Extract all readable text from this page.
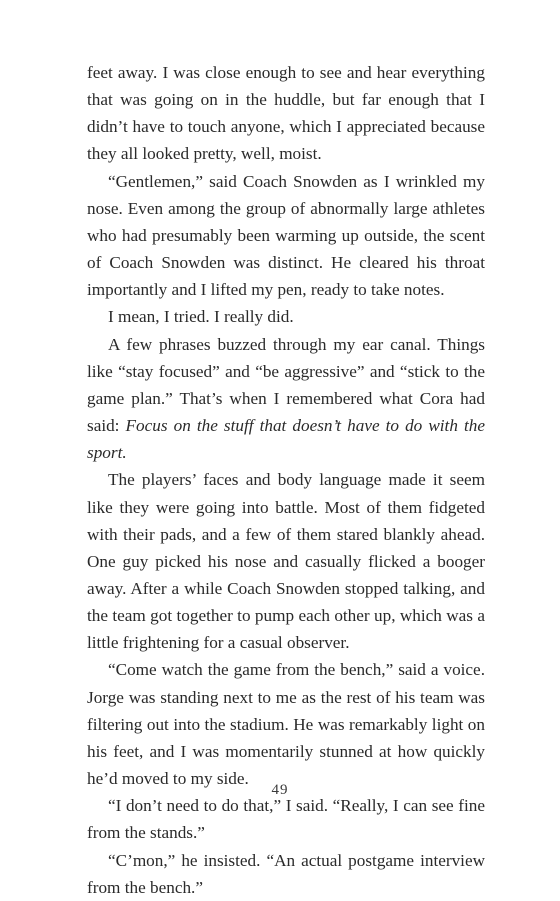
feet away. I was close enough to see and hear everything that was going on in the huddle, but far enough that I didn’t have to touch anyone, which I appreciated because they all looked pretty, well, moist.

“Gentlemen,” said Coach Snowden as I wrinkled my nose. Even among the group of abnormally large athletes who had presumably been warming up outside, the scent of Coach Snowden was distinct. He cleared his throat importantly and I lifted my pen, ready to take notes.

I mean, I tried. I really did.

A few phrases buzzed through my ear canal. Things like “stay focused” and “be aggressive” and “stick to the game plan.” That’s when I remembered what Cora had said: Focus on the stuff that doesn’t have to do with the sport.

The players’ faces and body language made it seem like they were going into battle. Most of them fidgeted with their pads, and a few of them stared blankly ahead. One guy picked his nose and casually flicked a booger away. After a while Coach Snowden stopped talking, and the team got together to pump each other up, which was a little frightening for a casual observer.

“Come watch the game from the bench,” said a voice. Jorge was standing next to me as the rest of his team was filtering out into the stadium. He was remarkably light on his feet, and I was momentarily stunned at how quickly he’d moved to my side.

“I don’t need to do that,” I said. “Really, I can see fine from the stands.”

“C’mon,” he insisted. “An actual postgame interview from the bench.”

49
